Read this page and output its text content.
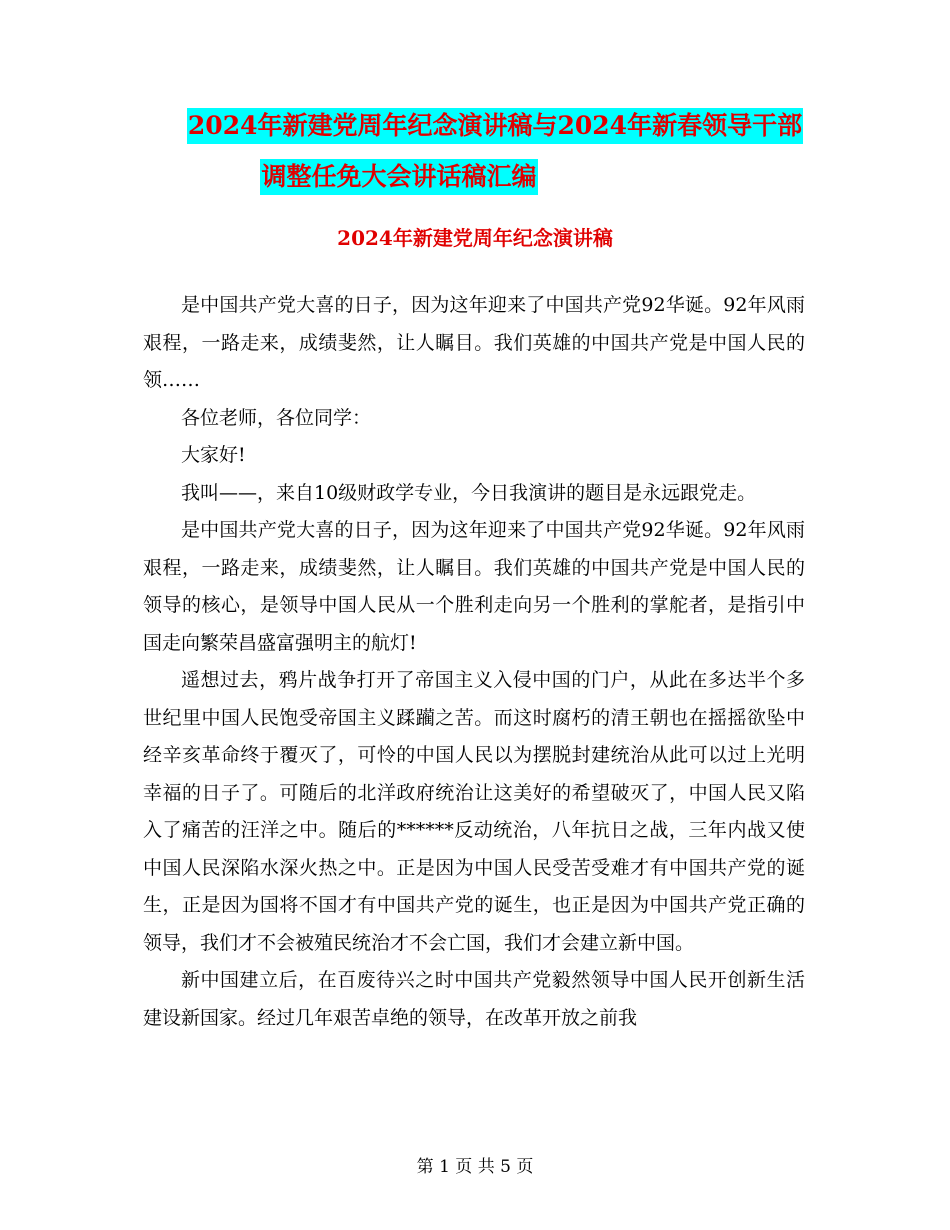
2024年新建党周年纪念演讲稿与2024年新春领导干部
调整任免大会讲话稿汇编
2024年新建党周年纪念演讲稿

是中国共产党大喜的日子，因为这年迎来了中国共产党92华诞。92年风雨艰程，一路走来，成绩斐然，让人瞩目。我们英雄的中国共产党是中国人民的领……

各位老师，各位同学：

大家好!

我叫——，来自10级财政学专业，今日我演讲的题目是永远跟党走。

是中国共产党大喜的日子，因为这年迎来了中国共产党92华诞。92年风雨艰程，一路走来，成绩斐然，让人瞩目。我们英雄的中国共产党是中国人民的领导的核心，是领导中国人民从一个胜利走向另一个胜利的掌舵者，是指引中国走向繁荣昌盛富强明主的航灯!

遥想过去，鸦片战争打开了帝国主义入侵中国的门户，从此在多达半个多世纪里中国人民饱受帝国主义蹂躏之苦。而这时腐朽的清王朝也在摇摇欲坠中经辛亥革命终于覆灭了，可怜的中国人民以为摆脱封建统治从此可以过上光明幸福的日子了。可随后的北洋政府统治让这美好的希望破灭了，中国人民又陷入了痛苦的汪洋之中。随后的******反动统治，八年抗日之战，三年内战又使中国人民深陷水深火热之中。正是因为中国人民受苦受难才有中国共产党的诞生，正是因为国将不国才有中国共产党的诞生，也正是因为中国共产党正确的领导，我们才不会被殖民统治才不会亡国，我们才会建立新中国。

新中国建立后，在百废待兴之时中国共产党毅然领导中国人民开创新生活建设新国家。经过几年艰苦卓绝的领导，在改革开放之前我

第 1 页 共 5 页
